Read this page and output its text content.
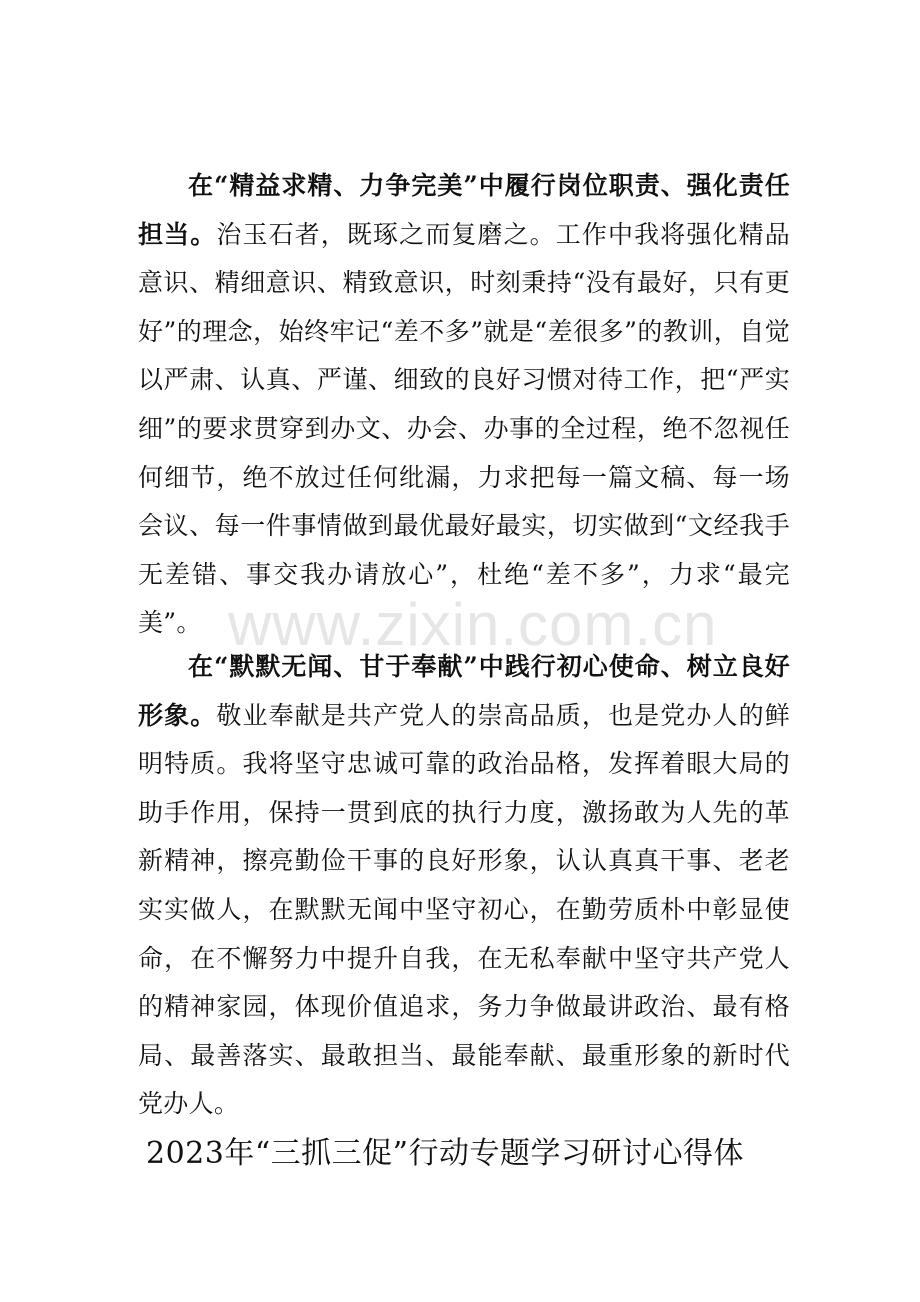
在“精益求精、力争完美”中履行岗位职责、强化责任担当。治玉石者，既琢之而复磨之。工作中我将强化精品意识、精细意识、精致意识，时刻秉持“没有最好，只有更好”的理念，始终牢记“差不多”就是“差很多”的教训，自觉以严肃、认真、严谨、细致的良好习惯对待工作，把“严实细”的要求贯穿到办文、办会、办事的全过程，绝不忽视任何细节，绝不放过任何纰漏，力求把每一篇文稿、每一场会议、每一件事情做到最优最好最实，切实做到“文经我手无差错、事交我办请放心”，杜绝“差不多”，力求“最完美”。 www.zixin.com.cn

在“默默无闻、甘于奉献”中践行初心使命、树立良好形象。敬业奉献是共产党人的崇高品质，也是党办人的鲜明特质。我将坚守忠诚可靠的政治品格，发挥着眼大局的助手作用，保持一贯到底的执行力度，激扬敢为人先的革新精神，擦亮勤俭干事的良好形象，认认真真干事、老老实实做人，在默默无闻中坚守初心，在勤劳质朴中彰显使命，在不懈努力中提升自我，在无私奉献中坚守共产党人的精神家园，体现价值追求，务力争做最讲政治、最有格局、最善落实、最敢担当、最能奉献、最重形象的新时代党办人。

2023年“三抓三促”行动专题学习研讨心得体
